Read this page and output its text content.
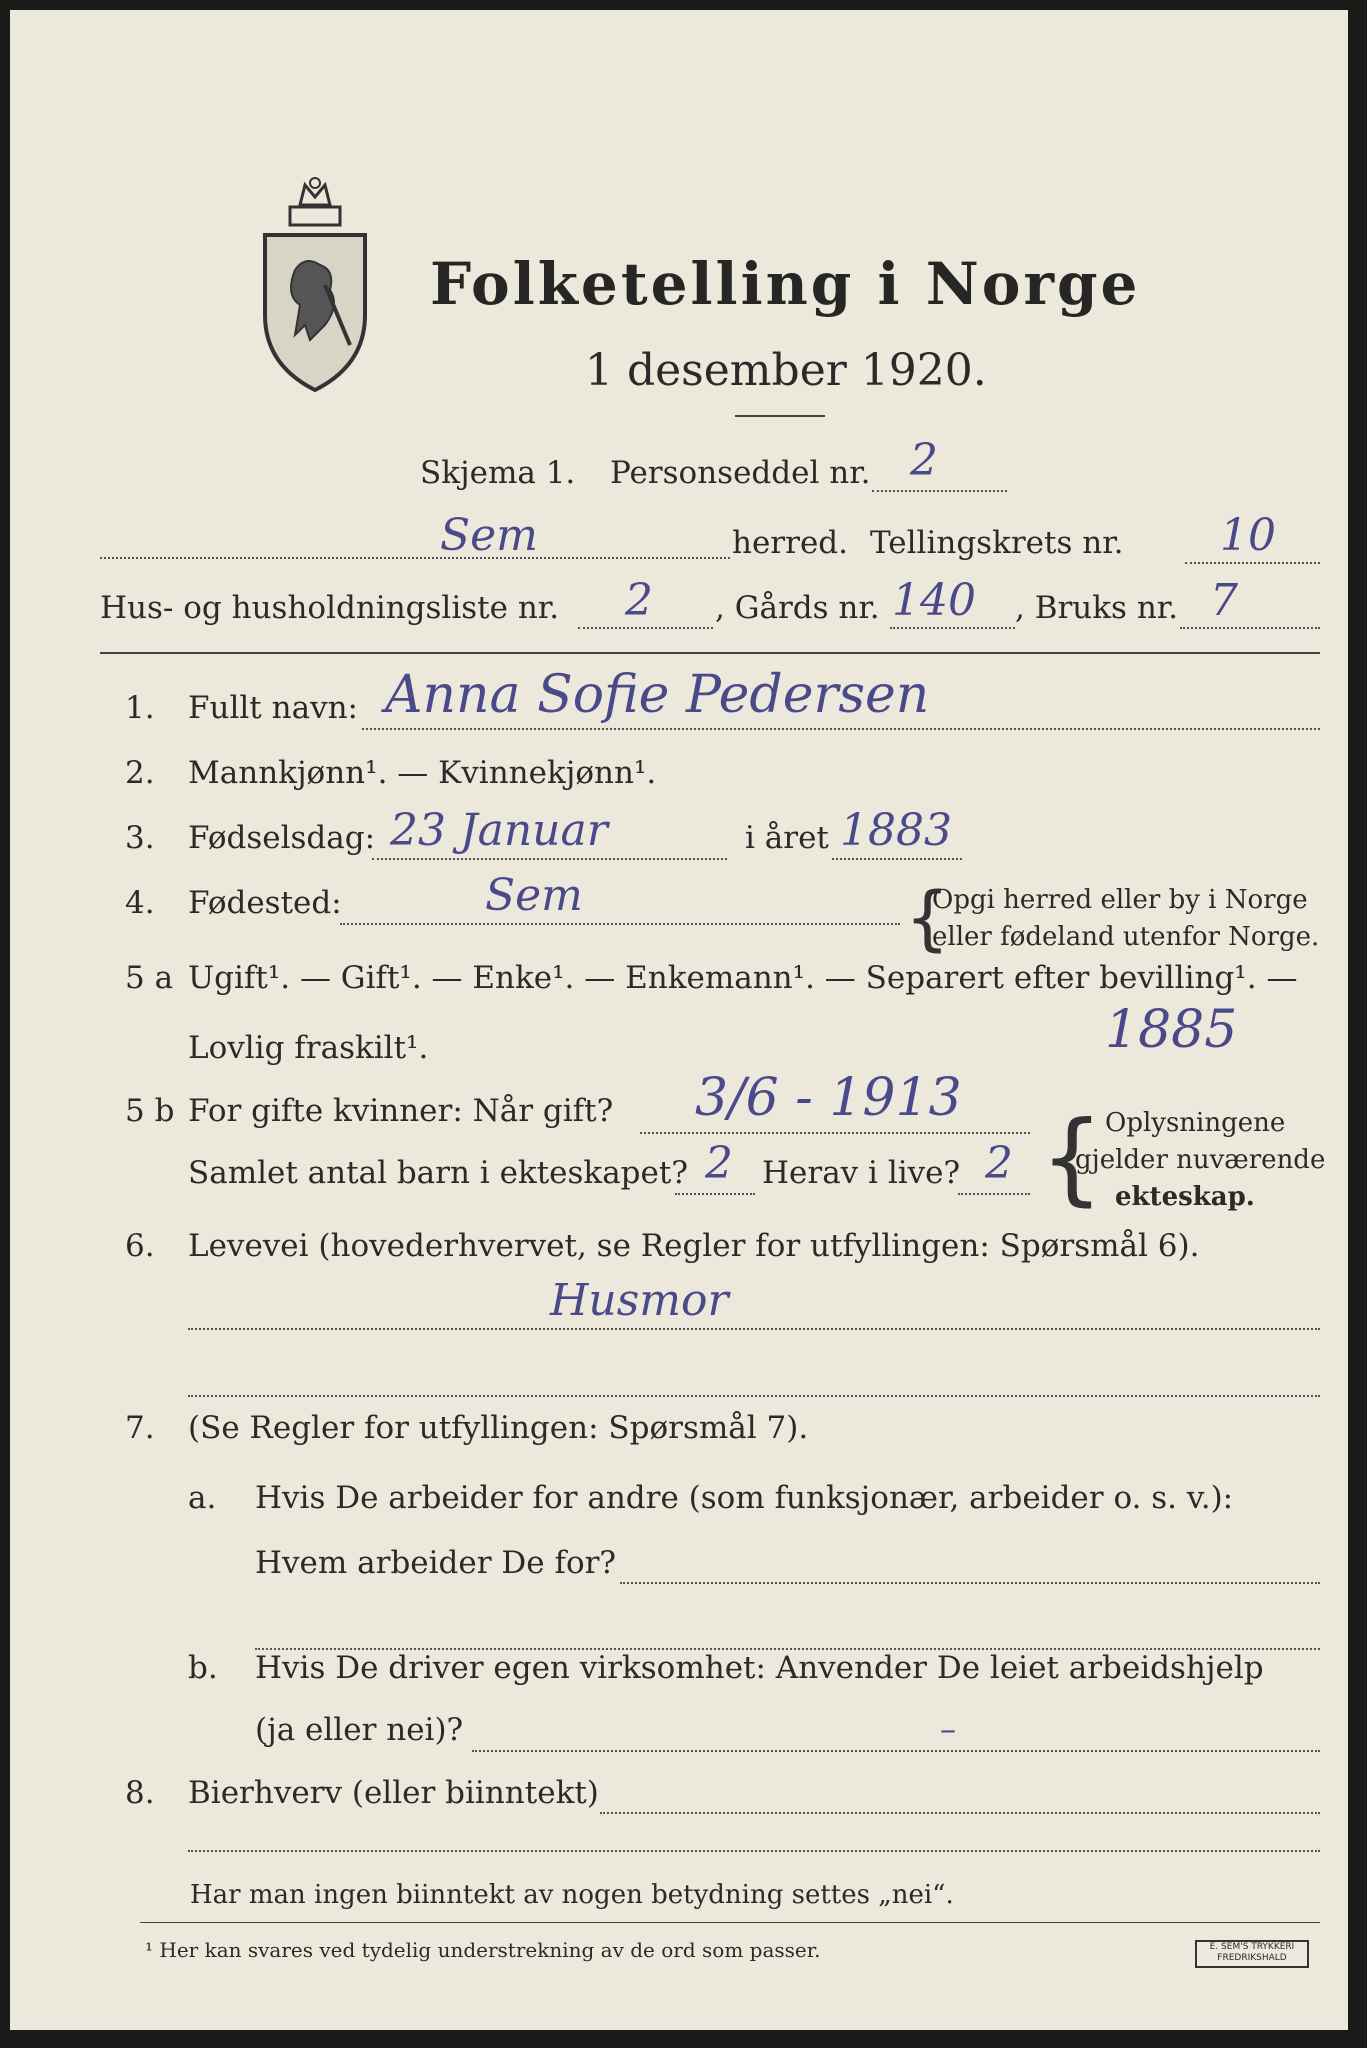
Folketelling i Norge
1 desember 1920.
Skjema 1. Personseddel nr. 2
Sem	herred. Tellingskrets nr. 10
Hus- og husholdningsliste nr. 2 , Gårds nr. 140 , Bruks nr. 7
1. Fullt navn: Anna Sofie Pedersen
2. Mannkjønn¹. — Kvinnekjønn¹.
3. Fødselsdag: 23 Januar	i året 1883
4. Fødested:	Sem	{
Opgi herred eller by i Norge
eller fødeland utenfor Norge.
5 a Ugift¹. — Gift¹. — Enke¹. — Enkemann¹. — Separert efter bevilling¹. —
Lovlig fraskilt¹.	1885
5 b For gifte kvinner: Når gift? 3/6 - 1913
Samlet antal barn i ekteskapet? 2 Herav i live? 2 { Oplysningene
gjelder nuværende
ekteskap.
6. Levevei (hovederhvervet, se Regler for utfyllingen: Spørsmål 6).
Husmor
7. (Se Regler for utfyllingen: Spørsmål 7).
a. Hvis De arbeider for andre (som funksjonær, arbeider o. s. v.):
Hvem arbeider De for?
b. Hvis De driver egen virksomhet: Anvender De leiet arbeidshjelp
(ja eller nei)?	–
8. Bierhverv (eller biinntekt)
Har man ingen biinntekt av nogen betydning settes „nei“.
¹ Her kan svares ved tydelig understrekning av de ord som passer.	E. SEM'S TRYKKERI
FREDRIKSHALD
